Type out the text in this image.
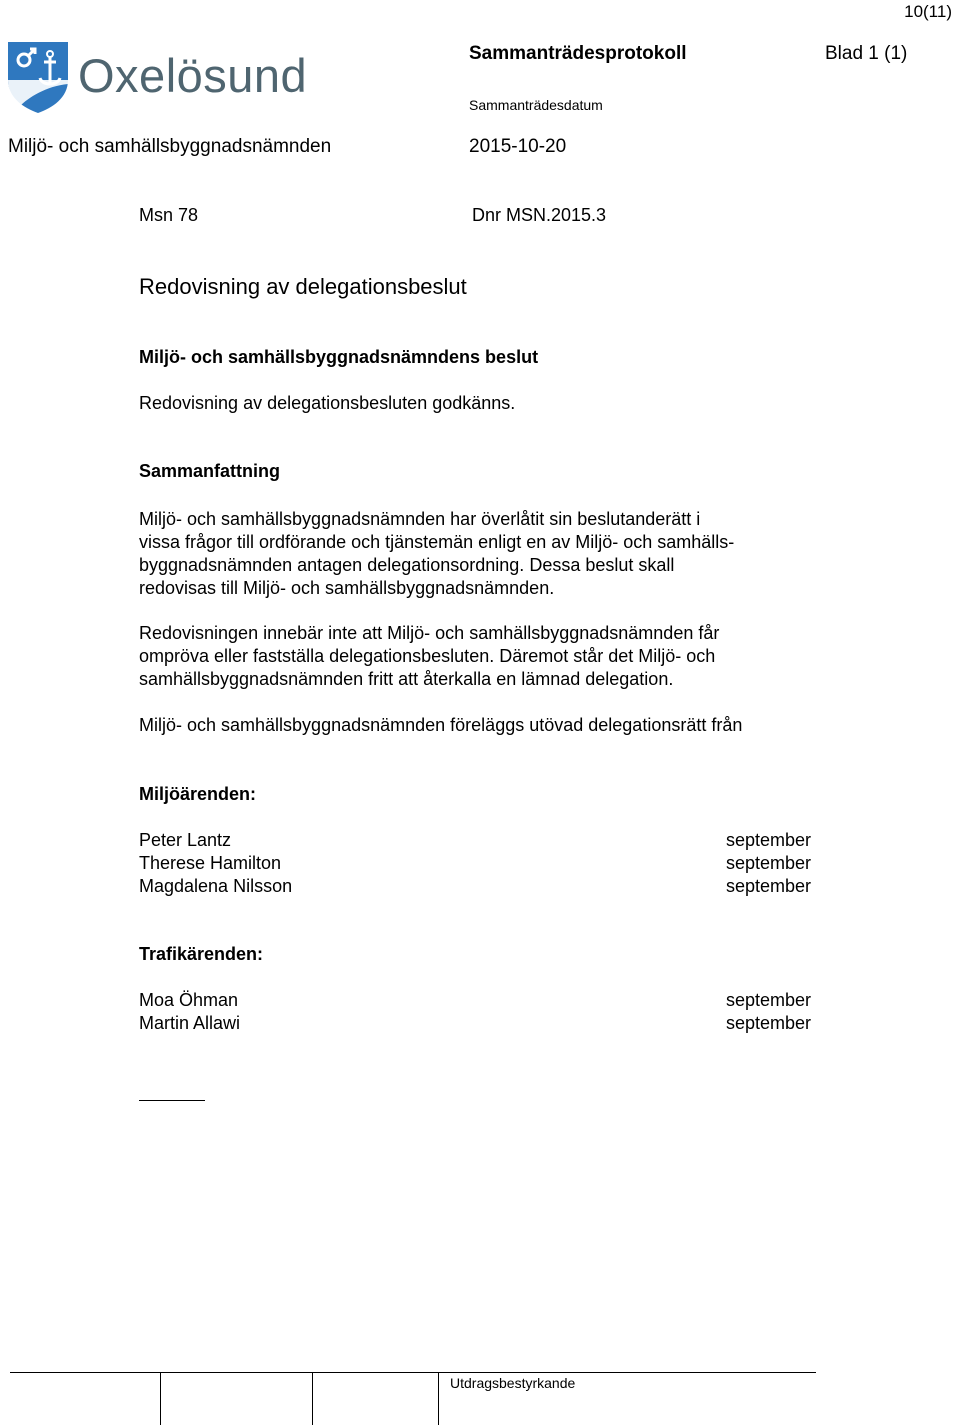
10(11)
Oxelösund	Sammanträdesprotokoll	Blad 1 (1)
Sammanträdesdatum
Miljö- och samhällsbyggnadsnämnden	2015-10-20
Msn 78	Dnr MSN.2015.3
Redovisning av delegationsbeslut
Miljö- och samhällsbyggnadsnämndens beslut
Redovisning av delegationsbesluten godkänns.
Sammanfattning
Miljö- och samhällsbyggnadsnämnden har överlåtit sin beslutanderätt i
vissa frågor till ordförande och tjänstemän enligt en av Miljö- och samhälls-
byggnadsnämnden antagen delegationsordning. Dessa beslut skall
redovisas till Miljö- och samhällsbyggnadsnämnden.
Redovisningen innebär inte att Miljö- och samhällsbyggnadsnämnden får
ompröva eller fastställa delegationsbesluten. Däremot står det Miljö- och
samhällsbyggnadsnämnden fritt att återkalla en lämnad delegation.
Miljö- och samhällsbyggnadsnämnden föreläggs utövad delegationsrätt från
Miljöärenden:
Peter Lantz	september
Therese Hamilton	september
Magdalena Nilsson	september
Trafikärenden:
Moa Öhman	september
Martin Allawi	september
Utdragsbestyrkande
